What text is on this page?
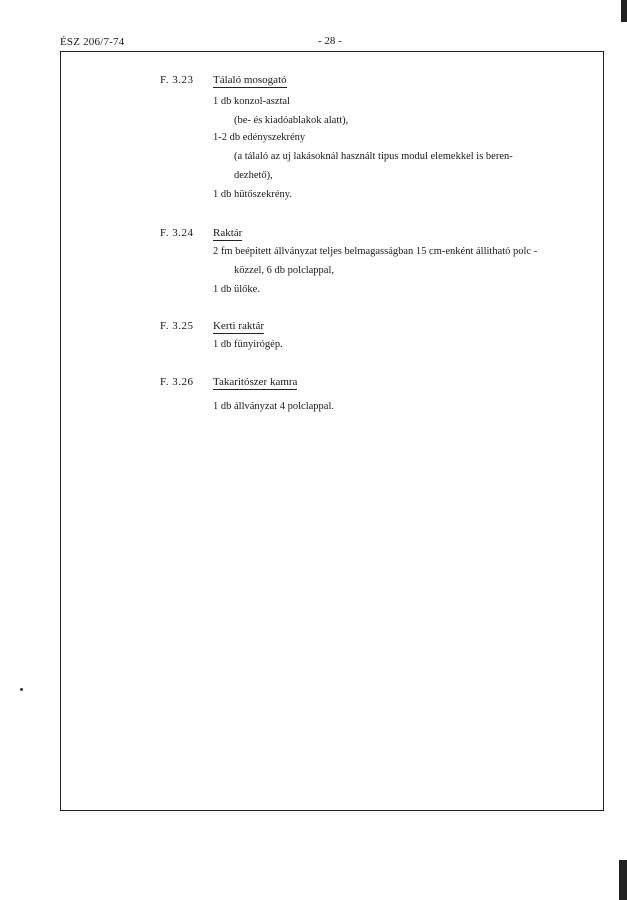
ÉSZ 206/7-74	- 28 -
F. 3.23 Tálaló mosogató
1 db konzol-asztal
(be- és kiadóablakok alatt),
1-2 db edényszekrény
(a tálaló az uj lakásoknál használt tipus modul elemekkel is beren-
dezhető),
1 db hütőszekrény.
F. 3.24 Raktár
2 fm beépitett állványzat teljes belmagasságban 15 cm-enként állitható polc -
közzel, 6 db polclappal,
1 db ülőke.
F. 3.25 Kerti raktár
1 db fünyirógép.
F. 3.26 Takaritószer kamra
1 db állványzat 4 polclappal.
